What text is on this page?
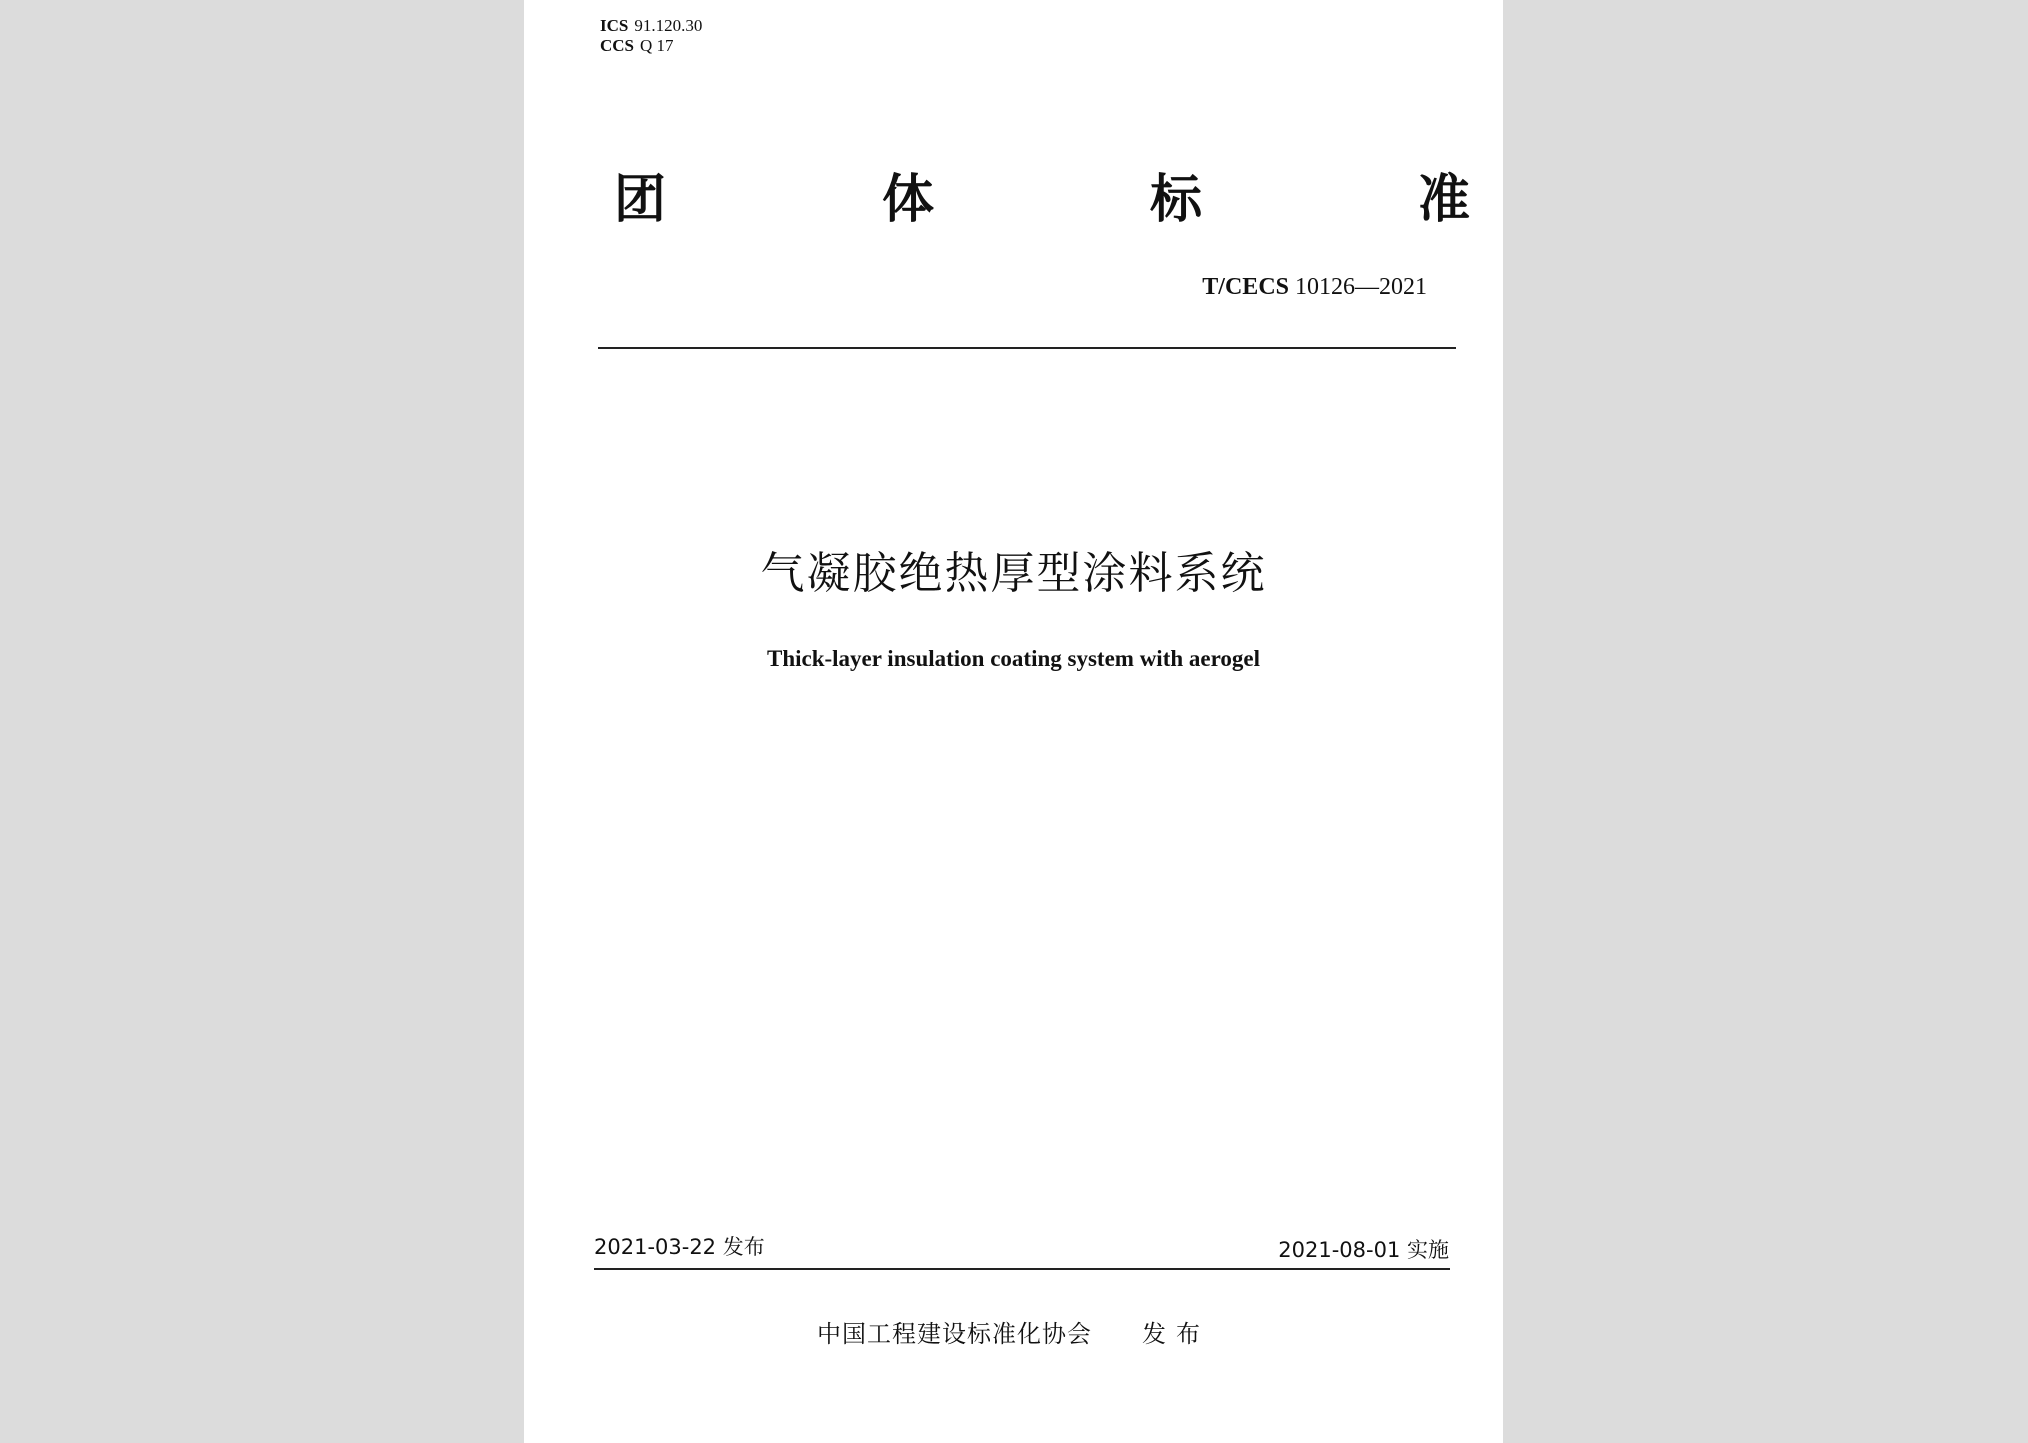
ICS 91.120.30
CCS Q 17
团	体	标	准
T/CECS 10126—2021
气凝胶绝热厚型涂料系统
Thick-layer insulation coating system with aerogel
2021-03-22 发布	2021-08-01 实施
中国工程建设标准化协会 发布
